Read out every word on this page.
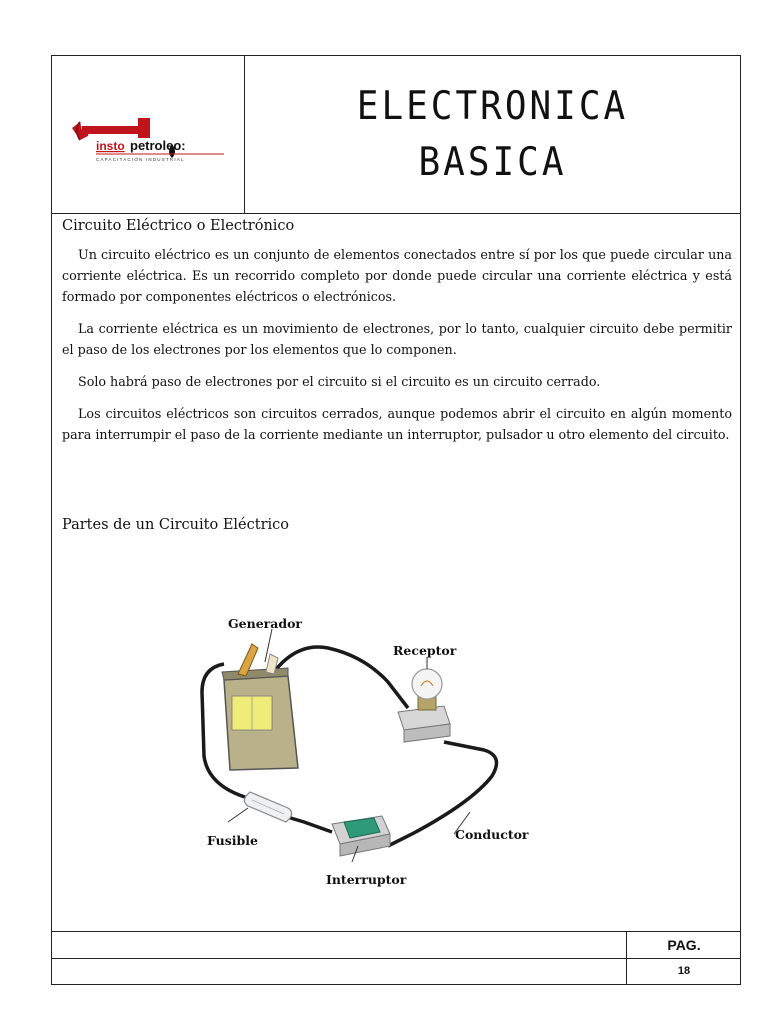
insto petroleo:
CAPACITACIÓN INDUSTRIAL
ELECTRONICA
BASICA
Circuito Eléctrico o Electrónico

Un circuito eléctrico es un conjunto de elementos conectados entre sí por los que puede circular una corriente eléctrica. Es un recorrido completo por donde puede circular una corriente eléctrica y está formado por componentes eléctricos o electrónicos.

La corriente eléctrica es un movimiento de electrones, por lo tanto, cualquier circuito debe permitir el paso de los electrones por los elementos que lo componen.

Solo habrá paso de electrones por el circuito si el circuito es un circuito cerrado.

Los circuitos eléctricos son circuitos cerrados, aunque podemos abrir el circuito en algún momento para interrumpir el paso de la corriente mediante un interruptor, pulsador u otro elemento del circuito.

Partes de un Circuito Eléctrico
Generador
Receptor
Fusible	Conductor
Interruptor
PAG.
18
